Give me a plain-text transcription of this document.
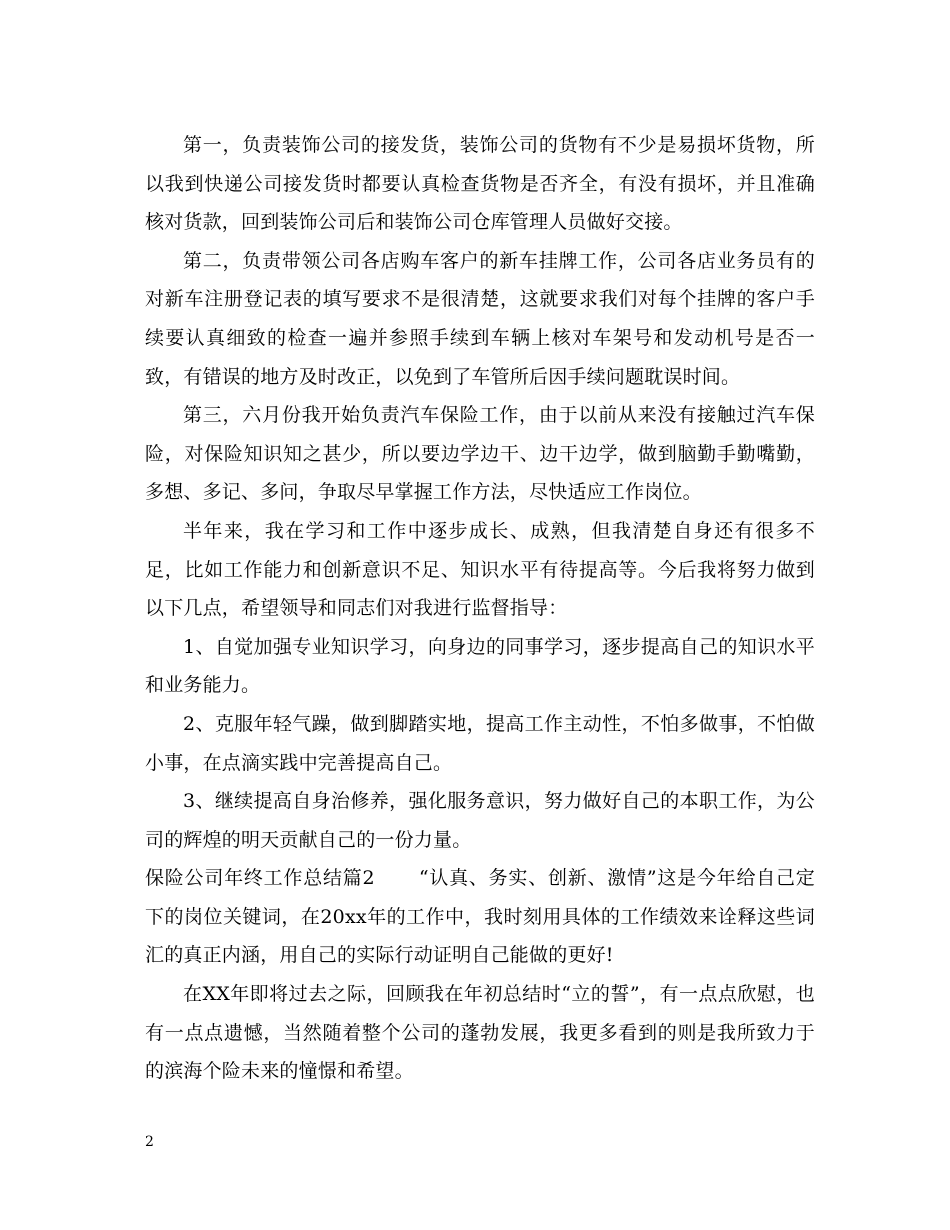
第一，负责装饰公司的接发货，装饰公司的货物有不少是易损坏货物，所以我到快递公司接发货时都要认真检查货物是否齐全，有没有损坏，并且准确核对货款，回到装饰公司后和装饰公司仓库管理人员做好交接。

第二，负责带领公司各店购车客户的新车挂牌工作，公司各店业务员有的对新车注册登记表的填写要求不是很清楚，这就要求我们对每个挂牌的客户手续要认真细致的检查一遍并参照手续到车辆上核对车架号和发动机号是否一致，有错误的地方及时改正，以免到了车管所后因手续问题耽误时间。

第三，六月份我开始负责汽车保险工作，由于以前从来没有接触过汽车保险，对保险知识知之甚少，所以要边学边干、边干边学，做到脑勤手勤嘴勤，多想、多记、多问，争取尽早掌握工作方法，尽快适应工作岗位。

半年来，我在学习和工作中逐步成长、成熟，但我清楚自身还有很多不足，比如工作能力和创新意识不足、知识水平有待提高等。今后我将努力做到以下几点，希望领导和同志们对我进行监督指导：

1、自觉加强专业知识学习，向身边的同事学习，逐步提高自己的知识水平和业务能力。

2、克服年轻气躁，做到脚踏实地，提高工作主动性，不怕多做事，不怕做小事，在点滴实践中完善提高自己。

3、继续提高自身治修养，强化服务意识，努力做好自己的本职工作，为公司的辉煌的明天贡献自己的一份力量。

保险公司年终工作总结篇2 “认真、务实、创新、激情”这是今年给自己定下的岗位关键词，在20xx年的工作中，我时刻用具体的工作绩效来诠释这些词汇的真正内涵，用自己的实际行动证明自己能做的更好!

在XX年即将过去之际，回顾我在年初总结时“立的誓”，有一点点欣慰，也有一点点遗憾，当然随着整个公司的蓬勃发展，我更多看到的则是我所致力于的滨海个险未来的憧憬和希望。

2
